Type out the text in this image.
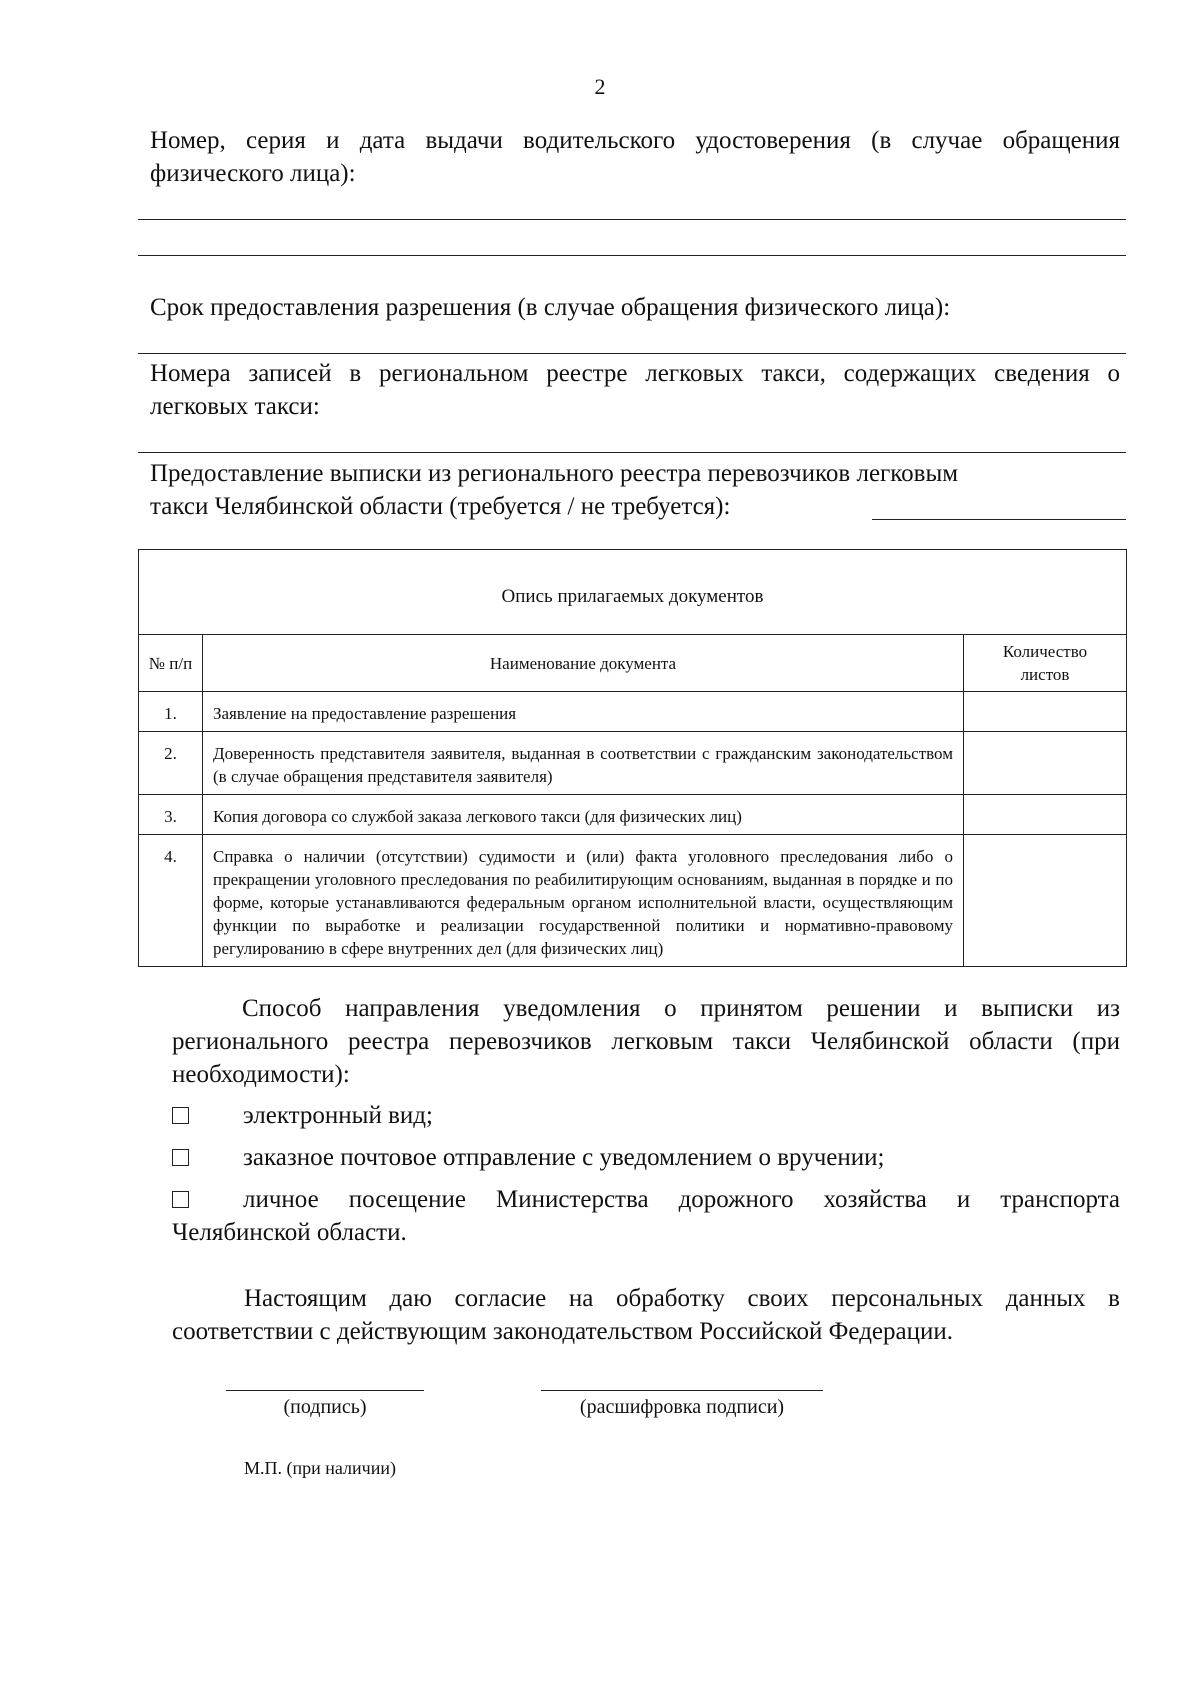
2
Номер, серия и дата выдачи водительского удостоверения (в случае обращения физического лица):
Срок предоставления разрешения (в случае обращения физического лица):
Номера записей в региональном реестре легковых такси, содержащих сведения о легковых такси:
Предоставление выписки из регионального реестра перевозчиков легковым
такси Челябинской области (требуется / не требуется):
Опись прилагаемых документов		
№ п/п	Наименование документа	Количество листов
1.	Заявление на предоставление разрешения	
2.	Доверенность представителя заявителя, выданная в соответствии с гражданским законодательством (в случае обращения представителя заявителя)	
3.	Копия договора со службой заказа легкового такси (для физических лиц)	
4.	Справка о наличии (отсутствии) судимости и (или) факта уголовного преследования либо о прекращении уголовного преследования по реабилитирующим основаниям, выданная в порядке и по форме, которые устанавливаются федеральным органом исполнительной власти, осуществляющим функции по выработке и реализации государственной политики и нормативно-правовому регулированию в сфере внутренних дел (для физических лиц)	
Способ направления уведомления о принятом решении и выписки из регионального реестра перевозчиков легковым такси Челябинской области (при необходимости):
электронный вид;
заказное почтовое отправление с уведомлением о вручении;
личное посещение Министерства дорожного хозяйства и транспорта Челябинской области.
Настоящим даю согласие на обработку своих персональных данных в соответствии с действующим законодательством Российской Федерации.
(подпись)	(расшифровка подписи)
М.П. (при наличии)
